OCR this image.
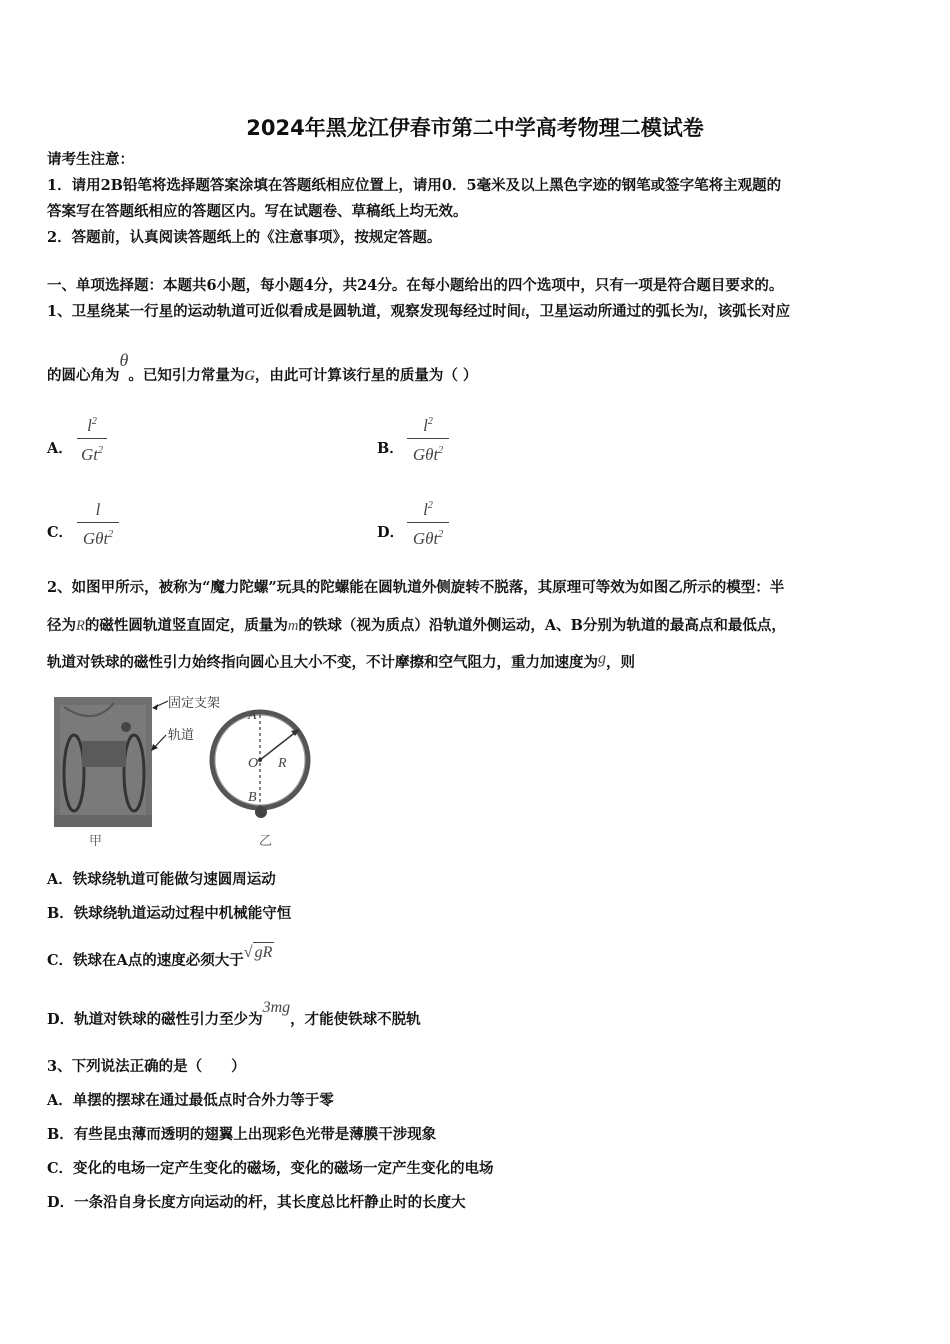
2024年黑龙江伊春市第二中学高考物理二模试卷
请考生注意：
1．请用2B铅笔将选择题答案涂填在答题纸相应位置上，请用0．5毫米及以上黑色字迹的钢笔或签字笔将主观题的
答案写在答题纸相应的答题区内。写在试题卷、草稿纸上均无效。
2．答题前，认真阅读答题纸上的《注意事项》，按规定答题。
一、单项选择题：本题共6小题，每小题4分，共24分。在每小题给出的四个选项中，只有一项是符合题目要求的。
1、卫星绕某一行星的运动轨道可近似看成是圆轨道，观察发现每经过时间t，卫星运动所通过的弧长为l，该弧长对应
的圆心角为θ。已知引力常量为G，由此可计算该行星的质量为（ ）
A．
$l^2$
Gt$^2$	B．
$l^2$
Gθt$^2$
C．
l
Gθt$^2$	D．
$l^2$
Gθt$^2$
2、如图甲所示，被称为“魔力陀螺”玩具的陀螺能在圆轨道外侧旋转不脱落，其原理可等效为如图乙所示的模型：半
径为R的磁性圆轨道竖直固定，质量为m的铁球（视为质点）沿轨道外侧运动，A、B分别为轨道的最高点和最低点，
轨道对铁球的磁性引力始终指向圆心且大小不变，不计摩擦和空气阻力，重力加速度为g，则
固定支架
轨道
甲
A
O R
B
乙
A．铁球绕轨道可能做匀速圆周运动
B．铁球绕轨道运动过程中机械能守恒
C．铁球在A点的速度必须大于√ gR
D．轨道对铁球的磁性引力至少为3mg，才能使铁球不脱轨
3、下列说法正确的是（　　）
A．单摆的摆球在通过最低点时合外力等于零
B．有些昆虫薄而透明的翅翼上出现彩色光带是薄膜干涉现象
C．变化的电场一定产生变化的磁场，变化的磁场一定产生变化的电场
D．一条沿自身长度方向运动的杆，其长度总比杆静止时的长度大
